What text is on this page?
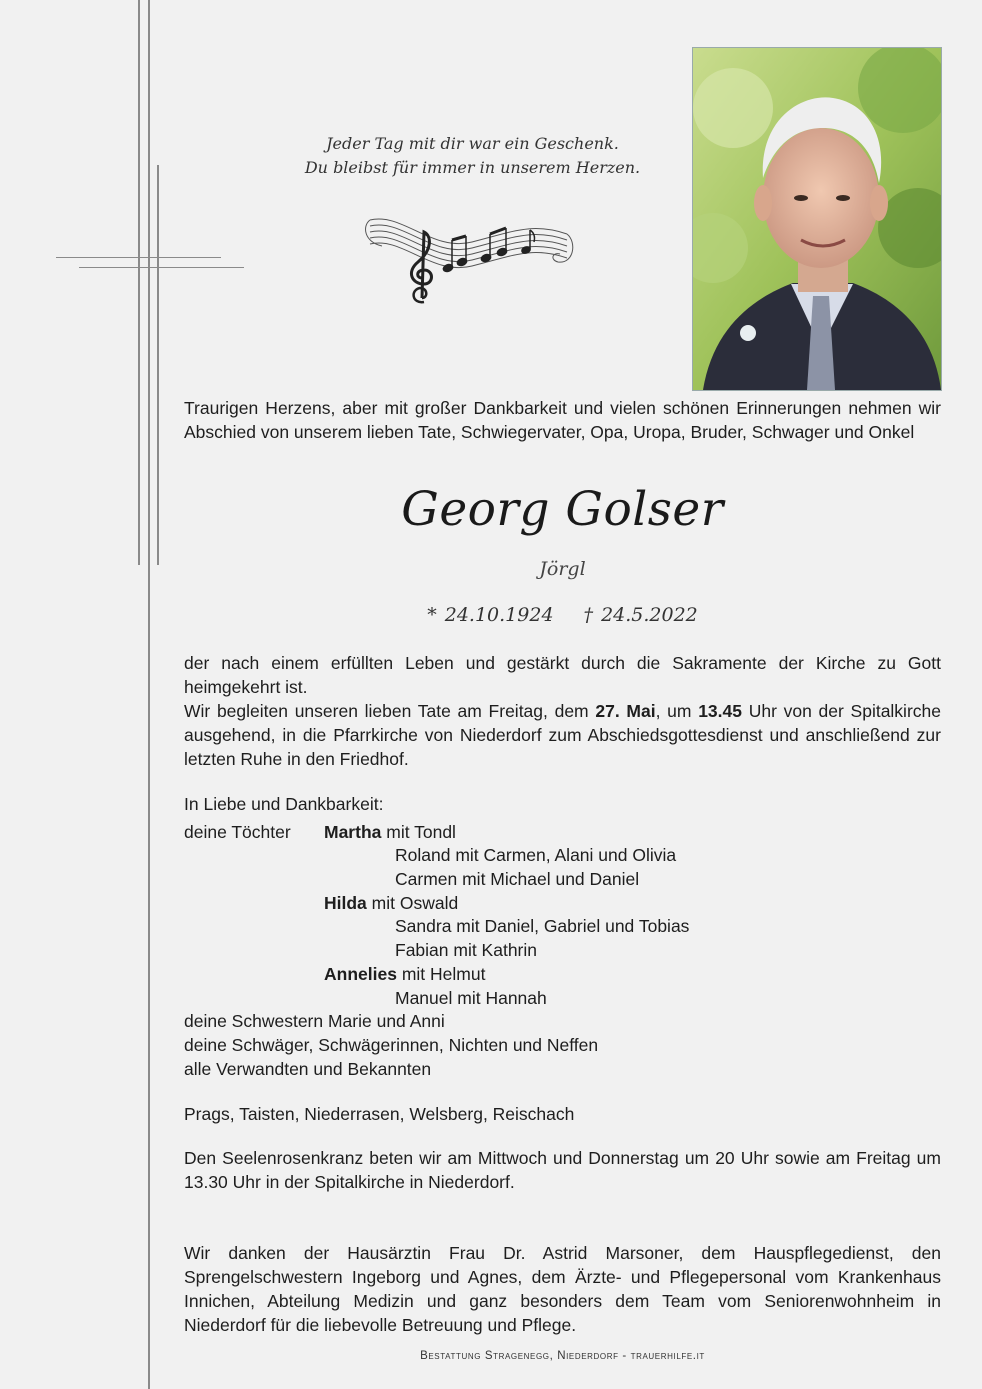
Jeder Tag mit dir war ein Geschenk.
Du bleibst für immer in unserem Herzen.
Traurigen Herzens, aber mit großer Dankbarkeit und vielen schönen Erinnerungen nehmen wir Abschied von unserem lieben Tate, Schwiegervater, Opa, Uropa, Bruder, Schwager und Onkel
Georg Golser
Jörgl
* 24.10.1924 † 24.5.2022

der nach einem erfüllten Leben und gestärkt durch die Sakramente der Kirche zu Gott heimgekehrt ist.

Wir begleiten unseren lieben Tate am Freitag, dem 27. Mai, um 13.45 Uhr von der Spitalkirche ausgehend, in die Pfarrkirche von Niederdorf zum Abschiedsgottesdienst und anschließend zur letzten Ruhe in den Friedhof.

In Liebe und Dankbarkeit:
deine Töchter Martha mit Tondl
Roland mit Carmen, Alani und Olivia
Carmen mit Michael und Daniel
Hilda mit Oswald
Sandra mit Daniel, Gabriel und Tobias
Fabian mit Kathrin
Annelies mit Helmut
Manuel mit Hannah
deine Schwestern Marie und Anni
deine Schwäger, Schwägerinnen, Nichten und Neffen
alle Verwandten und Bekannten
Prags, Taisten, Niederrasen, Welsberg, Reischach
Den Seelenrosenkranz beten wir am Mittwoch und Donnerstag um 20 Uhr sowie am Freitag um 13.30 Uhr in der Spitalkirche in Niederdorf.
Wir danken der Hausärztin Frau Dr. Astrid Marsoner, dem Hauspflegedienst, den Sprengelschwestern Ingeborg und Agnes, dem Ärzte- und Pflegepersonal vom Krankenhaus Innichen, Abteilung Medizin und ganz besonders dem Team vom Seniorenwohnheim in Niederdorf für die liebevolle Betreuung und Pflege.
Bestattung Stragenegg, Niederdorf - trauerhilfe.it
